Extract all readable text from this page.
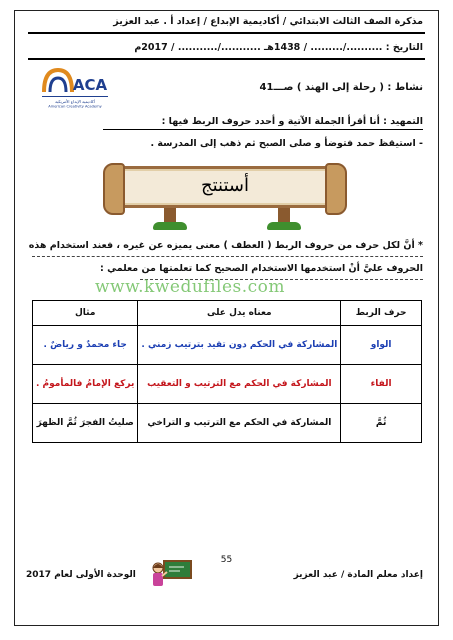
مذكرة الصف الثالث الابتدائي / أكاديمية الإبداع / إعداد أ . عبد العزيز
التاريخ : ........../......... / 1438هـ .........../........... / 2017م
نشاط : ( رحلة إلى الهند ) صـــ41
ACA
أكاديمية الإبداع الأمريكية
American Creativity Academy
التمهيد : أنا أقرأ الجملة الآتية و أحدد حروف الربط فيها :
- استيقظ حمد فتوضأ و صلى الصبح ثم ذهب إلى المدرسة .
أستنتج
* أنَّ لكل حرف من حروف الربط ( العطف ) معنى يميزه عن غيره ، فعند استخدام هذه
الحروف عليَّ أنْ استخدمها الاستخدام الصحيح كما تعلمتها من معلمي :
www.kwedufiles.com
حرف الربط	معناه يدل على	مثال
الواو	المشاركة في الحكم دون تقيد بترتيب زمني .	جاء محمدٌ و رياضٌ .
الفاء	المشاركة في الحكم مع الترتيب و التعقيب	يركع الإمامُ فالمأمومُ .
ثُمَّ	المشاركة في الحكم مع الترتيب و التراخي	صليتُ الفجرَ ثُمَّ الظهرَ
55
إعداد معلم المادة / عبد العزيز
الوحدة الأولى لعام 2017
